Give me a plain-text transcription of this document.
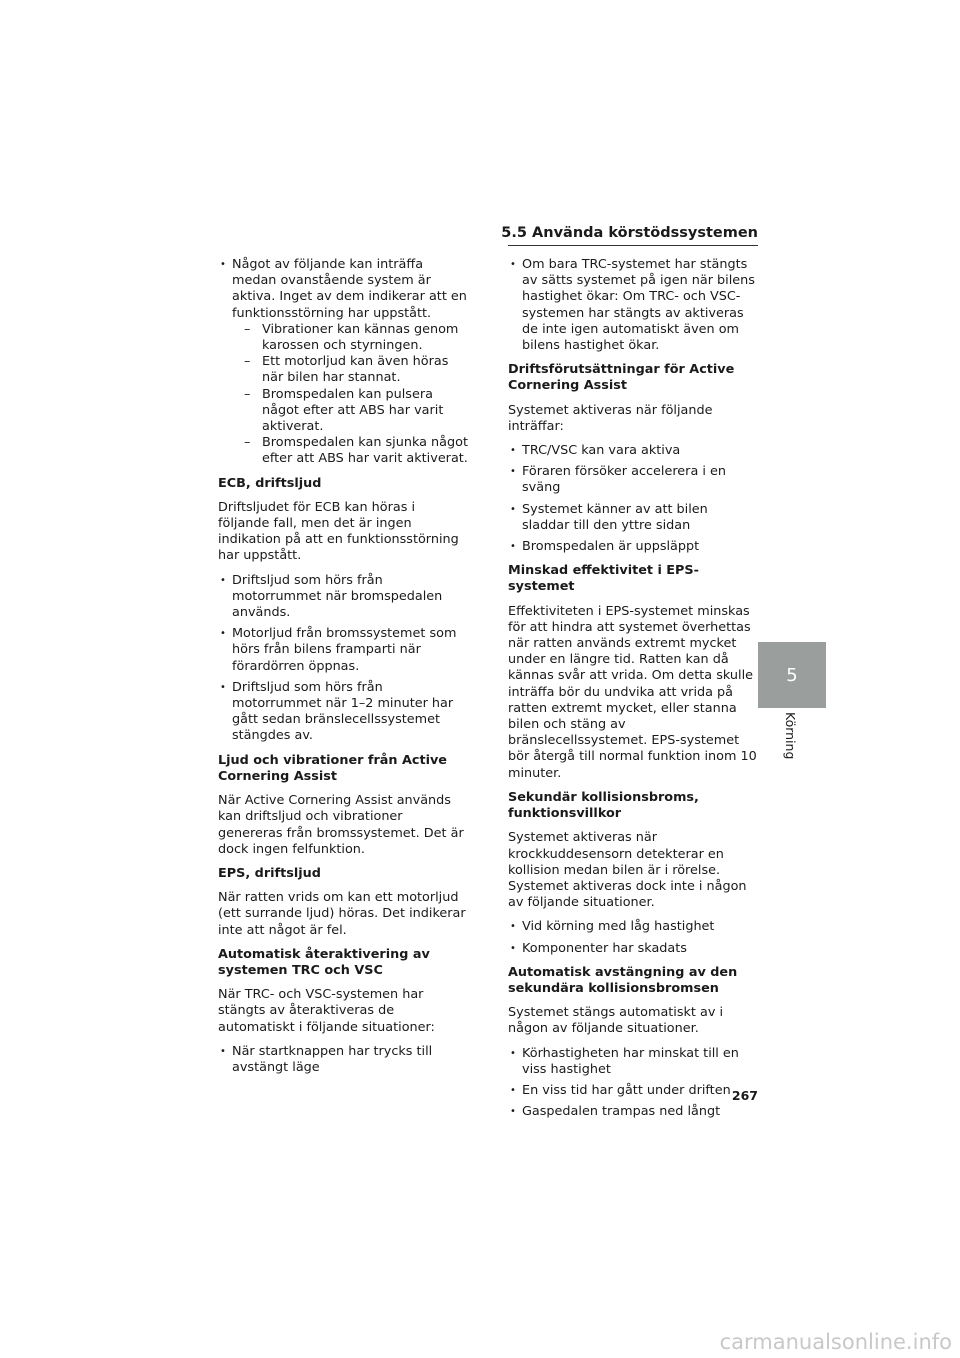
5.5 Använda körstödssystemen
• Något av följande kan inträffa medan ovanstående system är aktiva. Inget av dem indikerar att en funktionsstörning har uppstått.
– Vibrationer kan kännas genom karossen och styrningen.
– Ett motorljud kan även höras när bilen har stannat.
– Bromspedalen kan pulsera något efter att ABS har varit aktiverat.
– Bromspedalen kan sjunka något efter att ABS har varit aktiverat.
ECB, driftsljud

Driftsljudet för ECB kan höras i följande fall, men det är ingen indikation på att en funktionsstörning har uppstått.

• Driftsljud som hörs från motorrummet när bromspedalen används.
• Motorljud från bromssystemet som hörs från bilens framparti när förardörren öppnas.
• Driftsljud som hörs från motorrummet när 1–2 minuter har gått sedan bränslecellssystemet stängdes av.
Ljud och vibrationer från Active Cornering Assist

När Active Cornering Assist används kan driftsljud och vibrationer genereras från bromssystemet. Det är dock ingen felfunktion.

EPS, driftsljud

När ratten vrids om kan ett motorljud (ett surrande ljud) höras. Det indikerar inte att något är fel.

Automatisk återaktivering av systemen TRC och VSC

När TRC- och VSC-systemen har stängts av återaktiveras de automatiskt i följande situationer:

• När startknappen har trycks till avstängt läge
• Om bara TRC-systemet har stängts av sätts systemet på igen när bilens hastighet ökar: Om TRC- och VSC-systemen har stängts av aktiveras de inte igen automatiskt även om bilens hastighet ökar.
Driftsförutsättningar för Active Cornering Assist

Systemet aktiveras när följande inträffar:

• TRC/VSC kan vara aktiva
• Föraren försöker accelerera i en sväng
• Systemet känner av att bilen sladdar till den yttre sidan
• Bromspedalen är uppsläppt
Minskad effektivitet i EPS-systemet

Effektiviteten i EPS-systemet minskas för att hindra att systemet överhettas när ratten används extremt mycket under en längre tid. Ratten kan då kännas svår att vrida. Om detta skulle inträffa bör du undvika att vrida på ratten extremt mycket, eller stanna bilen och stäng av bränslecellssystemet. EPS-systemet bör återgå till normal funktion inom 10 minuter.

Sekundär kollisionsbroms, funktionsvillkor

Systemet aktiveras när krockkuddesensorn detekterar en kollision medan bilen är i rörelse. Systemet aktiveras dock inte i någon av följande situationer.

• Vid körning med låg hastighet
• Komponenter har skadats
Automatisk avstängning av den sekundära kollisionsbromsen

Systemet stängs automatiskt av i någon av följande situationer.

• Körhastigheten har minskat till en viss hastighet
• En viss tid har gått under driften
• Gaspedalen trampas ned långt
5
Körning
267
carmanualsonline.info
